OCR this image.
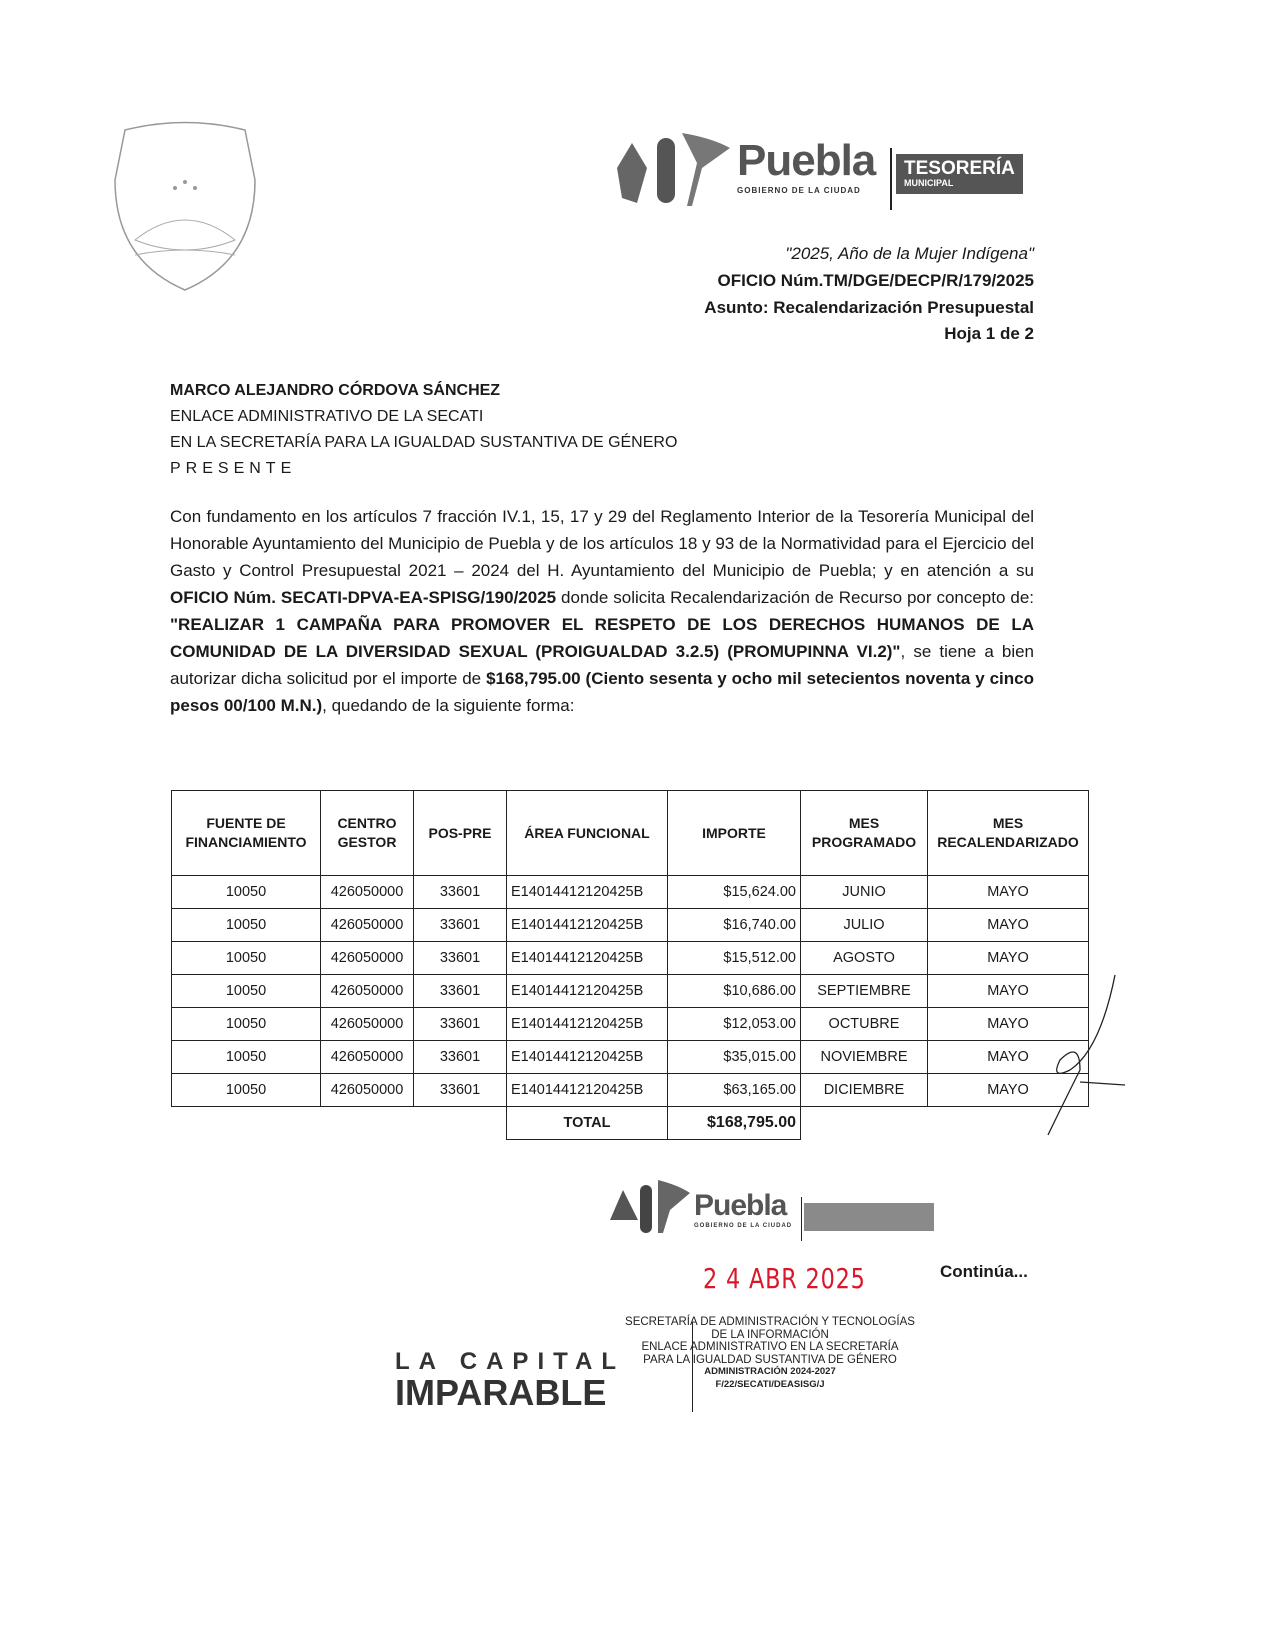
Puebla
GOBIERNO DE LA CIUDAD
TESORERÍA
MUNICIPAL
"2025, Año de la Mujer Indígena"
OFICIO Núm.TM/DGE/DECP/R/179/2025
Asunto: Recalendarización Presupuestal
Hoja 1 de 2
MARCO ALEJANDRO CÓRDOVA SÁNCHEZ
ENLACE ADMINISTRATIVO DE LA SECATI
EN LA SECRETARÍA PARA LA IGUALDAD SUSTANTIVA DE GÉNERO
PRESENTE
Con fundamento en los artículos 7 fracción IV.1, 15, 17 y 29 del Reglamento Interior de la Tesorería Municipal del Honorable Ayuntamiento del Municipio de Puebla y de los artículos 18 y 93 de la Normatividad para el Ejercicio del Gasto y Control Presupuestal 2021 – 2024 del H. Ayuntamiento del Municipio de Puebla; y en atención a su OFICIO Núm. SECATI-DPVA-EA-SPISG/190/2025 donde solicita Recalendarización de Recurso por concepto de: "REALIZAR 1 CAMPAÑA PARA PROMOVER EL RESPETO DE LOS DERECHOS HUMANOS DE LA COMUNIDAD DE LA DIVERSIDAD SEXUAL (PROIGUALDAD 3.2.5) (PROMUPINNA VI.2)", se tiene a bien autorizar dicha solicitud por el importe de $168,795.00 (Ciento sesenta y ocho mil setecientos noventa y cinco pesos 00/100 M.N.), quedando de la siguiente forma:
FUENTE DE FINANCIAMIENTO	CENTRO GESTOR	POS-PRE	ÁREA FUNCIONAL	IMPORTE	MES PROGRAMADO	MES RECALENDARIZADO
10050	426050000	33601	E14014412120425B	$15,624.00	JUNIO	MAYO
10050	426050000	33601	E14014412120425B	$16,740.00	JULIO	MAYO
10050	426050000	33601	E14014412120425B	$15,512.00	AGOSTO	MAYO
10050	426050000	33601	E14014412120425B	$10,686.00	SEPTIEMBRE	MAYO
10050	426050000	33601	E14014412120425B	$12,053.00	OCTUBRE	MAYO
10050	426050000	33601	E14014412120425B	$35,015.00	NOVIEMBRE	MAYO
10050	426050000	33601	E14014412120425B	$63,165.00	DICIEMBRE	MAYO
			TOTAL	$168,795.00		
Puebla
GOBIERNO DE LA CIUDAD
2 4 ABR 2025	Continúa...
LA CAPITAL
IMPARABLE
SECRETARÍA DE ADMINISTRACIÓN Y TECNOLOGÍAS
DE LA INFORMACIÓN
ENLACE ADMINISTRATIVO EN LA SECRETARÍA
PARA LA IGUALDAD SUSTANTIVA DE GÉNERO
ADMINISTRACIÓN 2024-2027
F/22/SECATI/DEASISG/J
